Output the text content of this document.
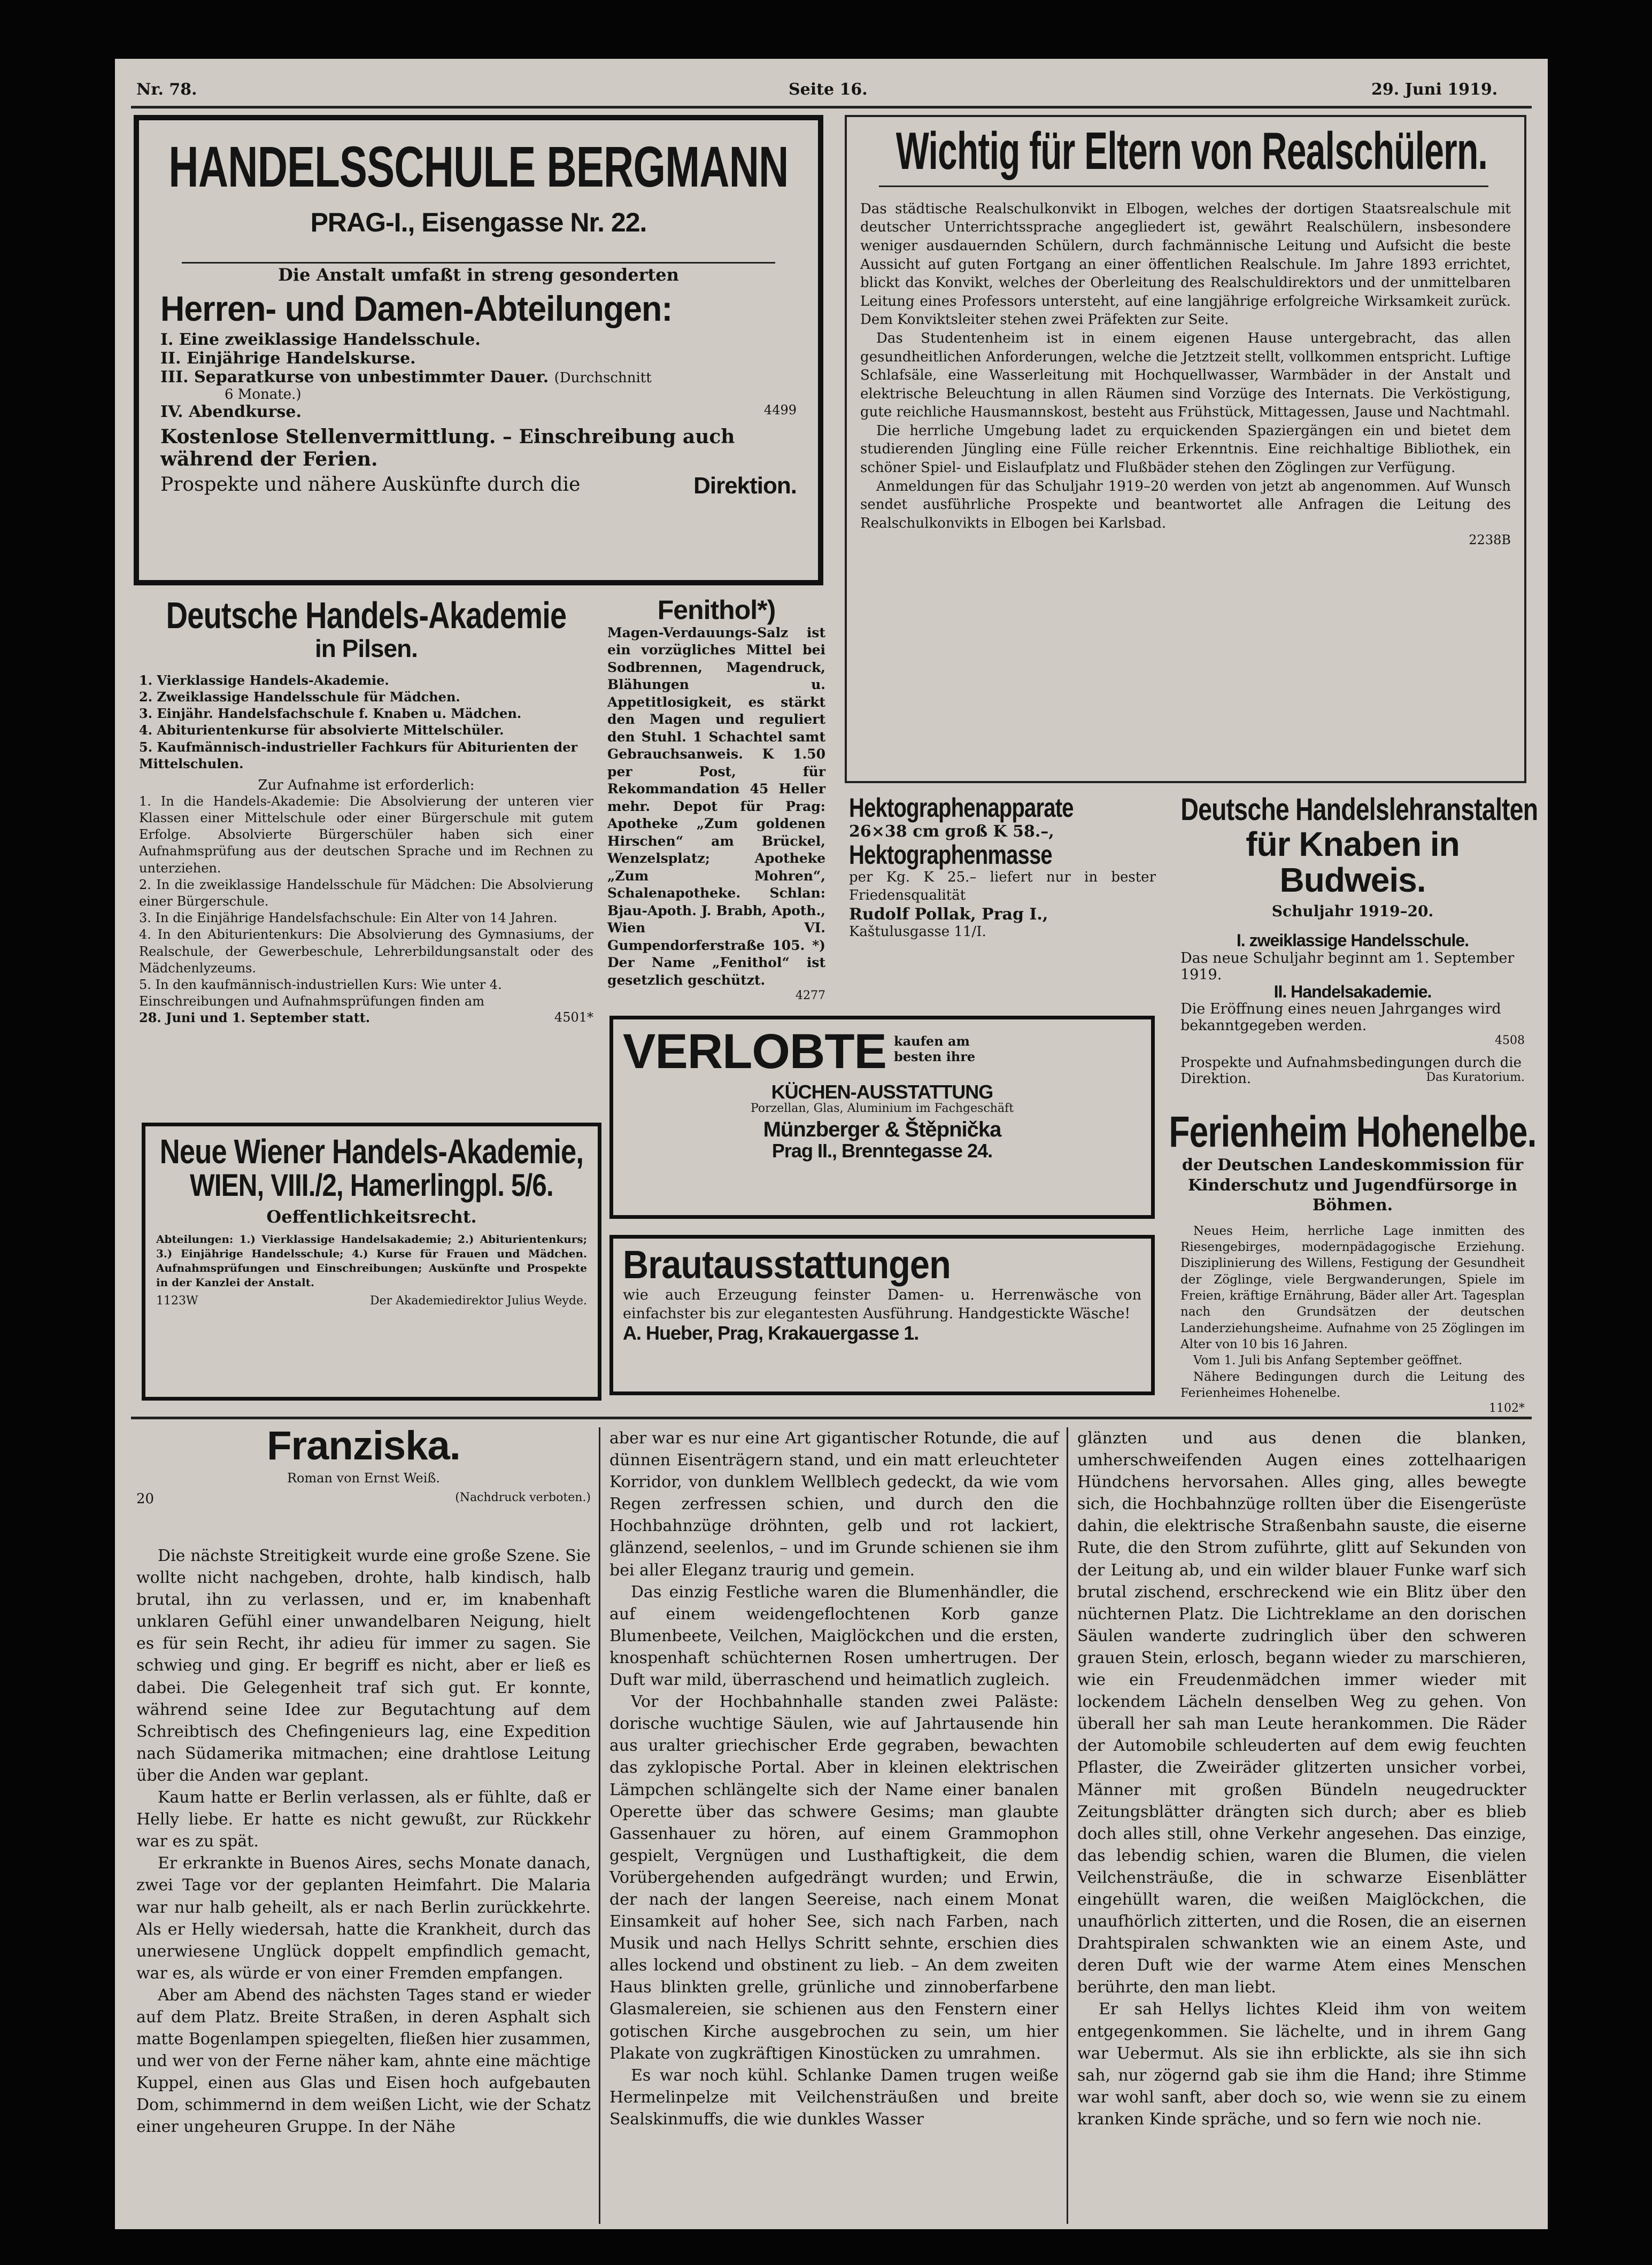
Nr. 78.	Seite 16.	29. Juni 1919.
HANDELSSCHULE BERGMANN
PRAG-I., Eisengasse Nr. 22.
Die Anstalt umfaßt in streng gesonderten
Herren- und Damen-Abteilungen:
I. Eine zweiklassige Handelsschule.
II. Einjährige Handelskurse.
III. Separatkurse von unbestimmter Dauer. (Durchschnitt
6 Monate.)
IV. Abendkurse.	4499
Kostenlose Stellenvermittlung. – Einschreibung auch während der Ferien.
Prospekte und nähere Auskünfte durch die	Direktion.
Wichtig für Eltern von Realschülern.
Das städtische Realschulkonvikt in Elbogen, welches der dortigen Staatsrealschule mit deutscher Unterrichtssprache angegliedert ist, gewährt Realschülern, insbesondere weniger ausdauernden Schülern, durch fachmännische Leitung und Aufsicht die beste Aussicht auf guten Fortgang an einer öffentlichen Realschule. Im Jahre 1893 errichtet, blickt das Konvikt, welches der Oberleitung des Realschuldirektors und der unmittelbaren Leitung eines Professors untersteht, auf eine langjährige erfolgreiche Wirksamkeit zurück. Dem Konviktsleiter stehen zwei Präfekten zur Seite.
Das Studentenheim ist in einem eigenen Hause untergebracht, das allen gesundheitlichen Anforderungen, welche die Jetztzeit stellt, vollkommen entspricht. Luftige Schlafsäle, eine Wasserleitung mit Hochquellwasser, Warmbäder in der Anstalt und elektrische Beleuchtung in allen Räumen sind Vorzüge des Internats. Die Verköstigung, gute reichliche Hausmannskost, besteht aus Frühstück, Mittagessen, Jause und Nachtmahl.
Die herrliche Umgebung ladet zu erquickenden Spaziergängen ein und bietet dem studierenden Jüngling eine Fülle reicher Erkenntnis. Eine reichhaltige Bibliothek, ein schöner Spiel- und Eislaufplatz und Flußbäder stehen den Zöglingen zur Verfügung.
Anmeldungen für das Schuljahr 1919–20 werden von jetzt ab angenommen. Auf Wunsch sendet ausführliche Prospekte und beantwortet alle Anfragen die Leitung des Realschulkonvikts in Elbogen bei Karlsbad.
2238B
Deutsche Handels-Akademie
in Pilsen.
1. Vierklassige Handels-Akademie.
2. Zweiklassige Handelsschule für Mädchen.
3. Einjähr. Handelsfachschule f. Knaben u. Mädchen.
4. Abiturientenkurse für absolvierte Mittelschüler.
5. Kaufmännisch-industrieller Fachkurs für Abiturienten der Mittelschulen.
Zur Aufnahme ist erforderlich:
1. In die Handels-Akademie: Die Absolvierung der unteren vier Klassen einer Mittelschule oder einer Bürgerschule mit gutem Erfolge. Absolvierte Bürgerschüler haben sich einer Aufnahmsprüfung aus der deutschen Sprache und im Rechnen zu unterziehen.
2. In die zweiklassige Handelsschule für Mädchen: Die Absolvierung einer Bürgerschule.
3. In die Einjährige Handelsfachschule: Ein Alter von 14 Jahren.
4. In den Abiturientenkurs: Die Absolvierung des Gymnasiums, der Realschule, der Gewerbeschule, Lehrerbildungsanstalt oder des Mädchenlyzeums.
5. In den kaufmännisch-industriellen Kurs: Wie unter 4.
Einschreibungen und Aufnahmsprüfungen finden am
28. Juni und 1. September statt.	4501*
Fenithol*)
Magen-Verdauungs-Salz ist ein vorzügliches Mittel bei Sodbrennen, Magendruck, Blähungen u. Appetitlosigkeit, es stärkt den Magen und reguliert den Stuhl. 1 Schachtel samt Gebrauchsanweis. K 1.50 per Post, für Rekommandation 45 Heller mehr. Depot für Prag: Apotheke „Zum goldenen Hirschen“ am Brückel, Wenzelsplatz; Apotheke „Zum Mohren“, Schalenapotheke. Schlan: Bjau-Apoth. J. Brabh, Apoth., Wien VI. Gumpendorferstraße 105. *) Der Name „Fenithol“ ist gesetzlich geschützt.
4277
Hektographenapparate
26×38 cm groß K 58.–,
Hektographenmasse
per Kg. K 25.– liefert nur in bester Friedensqualität
Rudolf Pollak, Prag I.,
Kaštulusgasse 11/I.
Deutsche Handelslehranstalten
für Knaben in Budweis.
Schuljahr 1919–20.
I. zweiklassige Handelsschule.
Das neue Schuljahr beginnt am 1. September 1919.
II. Handelsakademie.
Die Eröffnung eines neuen Jahrganges wird bekanntgegeben werden.
4508
Prospekte und Aufnahmsbedingungen durch die
Direktion.	Das Kuratorium.
VERLOBTE kaufen am besten ihre
KÜCHEN-AUSSTATTUNG
Porzellan, Glas, Aluminium im Fachgeschäft
Münzberger & Štěpnička
Prag II., Brenntegasse 24.
Neue Wiener Handels-Akademie,
WIEN, VIII./2, Hamerlingpl. 5/6.
Oeffentlichkeitsrecht.
Abteilungen: 1.) Vierklassige Handelsakademie; 2.) Abiturientenkurs; 3.) Einjährige Handelsschule; 4.) Kurse für Frauen und Mädchen. Aufnahmsprüfungen und Einschreibungen; Auskünfte und Prospekte in der Kanzlei der Anstalt.
1123W	Der Akademiedirektor Julius Weyde.
Brautausstattungen
wie auch Erzeugung feinster Damen- u. Herrenwäsche von einfachster bis zur elegantesten Ausführung. Handgestickte Wäsche!
A. Hueber, Prag, Krakauergasse 1.
Ferienheim Hohenelbe.
der Deutschen Landeskommission für Kinderschutz und Jugendfürsorge in Böhmen.
Neues Heim, herrliche Lage inmitten des Riesengebirges, modernpädagogische Erziehung. Disziplinierung des Willens, Festigung der Gesundheit der Zöglinge, viele Bergwanderungen, Spiele im Freien, kräftige Ernährung, Bäder aller Art. Tagesplan nach den Grundsätzen der deutschen Landerziehungsheime. Aufnahme von 25 Zöglingen im Alter von 10 bis 16 Jahren.
Vom 1. Juli bis Anfang September geöffnet.
Nähere Bedingungen durch die Leitung des Ferienheimes Hohenelbe.
1102*
Franziska.
Roman von Ernst Weiß.
20	(Nachdruck verboten.)

Die nächste Streitigkeit wurde eine große Szene. Sie wollte nicht nachgeben, drohte, halb kindisch, halb brutal, ihn zu verlassen, und er, im knabenhaft unklaren Gefühl einer unwandelbaren Neigung, hielt es für sein Recht, ihr adieu für immer zu sagen. Sie schwieg und ging. Er begriff es nicht, aber er ließ es dabei. Die Gelegenheit traf sich gut. Er konnte, während seine Idee zur Begutachtung auf dem Schreibtisch des Chefingenieurs lag, eine Expedition nach Südamerika mitmachen; eine drahtlose Leitung über die Anden war geplant.

Kaum hatte er Berlin verlassen, als er fühlte, daß er Helly liebe. Er hatte es nicht gewußt, zur Rückkehr war es zu spät.

Er erkrankte in Buenos Aires, sechs Monate danach, zwei Tage vor der geplanten Heimfahrt. Die Malaria war nur halb geheilt, als er nach Berlin zurückkehrte. Als er Helly wiedersah, hatte die Krankheit, durch das unerwiesene Unglück doppelt empfindlich gemacht, war es, als würde er von einer Fremden empfangen.

Aber am Abend des nächsten Tages stand er wieder auf dem Platz. Breite Straßen, in deren Asphalt sich matte Bogenlampen spiegelten, fließen hier zusammen, und wer von der Ferne näher kam, ahnte eine mächtige Kuppel, einen aus Glas und Eisen hoch aufgebauten Dom, schimmernd in dem weißen Licht, wie der Schatz einer ungeheuren Gruppe. In der Nähe

aber war es nur eine Art gigantischer Rotunde, die auf dünnen Eisenträgern stand, und ein matt erleuchteter Korridor, von dunklem Wellblech gedeckt, da wie vom Regen zerfressen schien, und durch den die Hochbahnzüge dröhnten, gelb und rot lackiert, glänzend, seelenlos, – und im Grunde schienen sie ihm bei aller Eleganz traurig und gemein.

Das einzig Festliche waren die Blumenhändler, die auf einem weidengeflochtenen Korb ganze Blumenbeete, Veilchen, Maiglöckchen und die ersten, knospenhaft schüchternen Rosen umhertrugen. Der Duft war mild, überraschend und heimatlich zugleich.

Vor der Hochbahnhalle standen zwei Paläste: dorische wuchtige Säulen, wie auf Jahrtausende hin aus uralter griechischer Erde gegraben, bewachten das zyklopische Portal. Aber in kleinen elektrischen Lämpchen schlängelte sich der Name einer banalen Operette über das schwere Gesims; man glaubte Gassenhauer zu hören, auf einem Grammophon gespielt, Vergnügen und Lusthaftigkeit, die dem Vorübergehenden aufgedrängt wurden; und Erwin, der nach der langen Seereise, nach einem Monat Einsamkeit auf hoher See, sich nach Farben, nach Musik und nach Hellys Schritt sehnte, erschien dies alles lockend und obstinent zu lieb. – An dem zweiten Haus blinkten grelle, grünliche und zinnoberfarbene Glasmalereien, sie schienen aus den Fenstern einer gotischen Kirche ausgebrochen zu sein, um hier Plakate von zugkräftigen Kinostücken zu umrahmen.

Es war noch kühl. Schlanke Damen trugen weiße Hermelinpelze mit Veilchensträußen und breite Sealskinmuffs, die wie dunkles Wasser

glänzten und aus denen die blanken, umherschweifenden Augen eines zottelhaarigen Hündchens hervorsahen. Alles ging, alles bewegte sich, die Hochbahnzüge rollten über die Eisengerüste dahin, die elektrische Straßenbahn sauste, die eiserne Rute, die den Strom zuführte, glitt auf Sekunden von der Leitung ab, und ein wilder blauer Funke warf sich brutal zischend, erschreckend wie ein Blitz über den nüchternen Platz. Die Lichtreklame an den dorischen Säulen wanderte zudringlich über den schweren grauen Stein, erlosch, begann wieder zu marschieren, wie ein Freudenmädchen immer wieder mit lockendem Lächeln denselben Weg zu gehen. Von überall her sah man Leute herankommen. Die Räder der Automobile schleuderten auf dem ewig feuchten Pflaster, die Zweiräder glitzerten unsicher vorbei, Männer mit großen Bündeln neugedruckter Zeitungsblätter drängten sich durch; aber es blieb doch alles still, ohne Verkehr angesehen. Das einzige, das lebendig schien, waren die Blumen, die vielen Veilchensträuße, die in schwarze Eisenblätter eingehüllt waren, die weißen Maiglöckchen, die unaufhörlich zitterten, und die Rosen, die an eisernen Drahtspiralen schwankten wie an einem Aste, und deren Duft wie der warme Atem eines Menschen berührte, den man liebt.

Er sah Hellys lichtes Kleid ihm von weitem entgegenkommen. Sie lächelte, und in ihrem Gang war Uebermut. Als sie ihn erblickte, als sie ihn sich sah, nur zögernd gab sie ihm die Hand; ihre Stimme war wohl sanft, aber doch so, wie wenn sie zu einem kranken Kinde spräche, und so fern wie noch nie.
